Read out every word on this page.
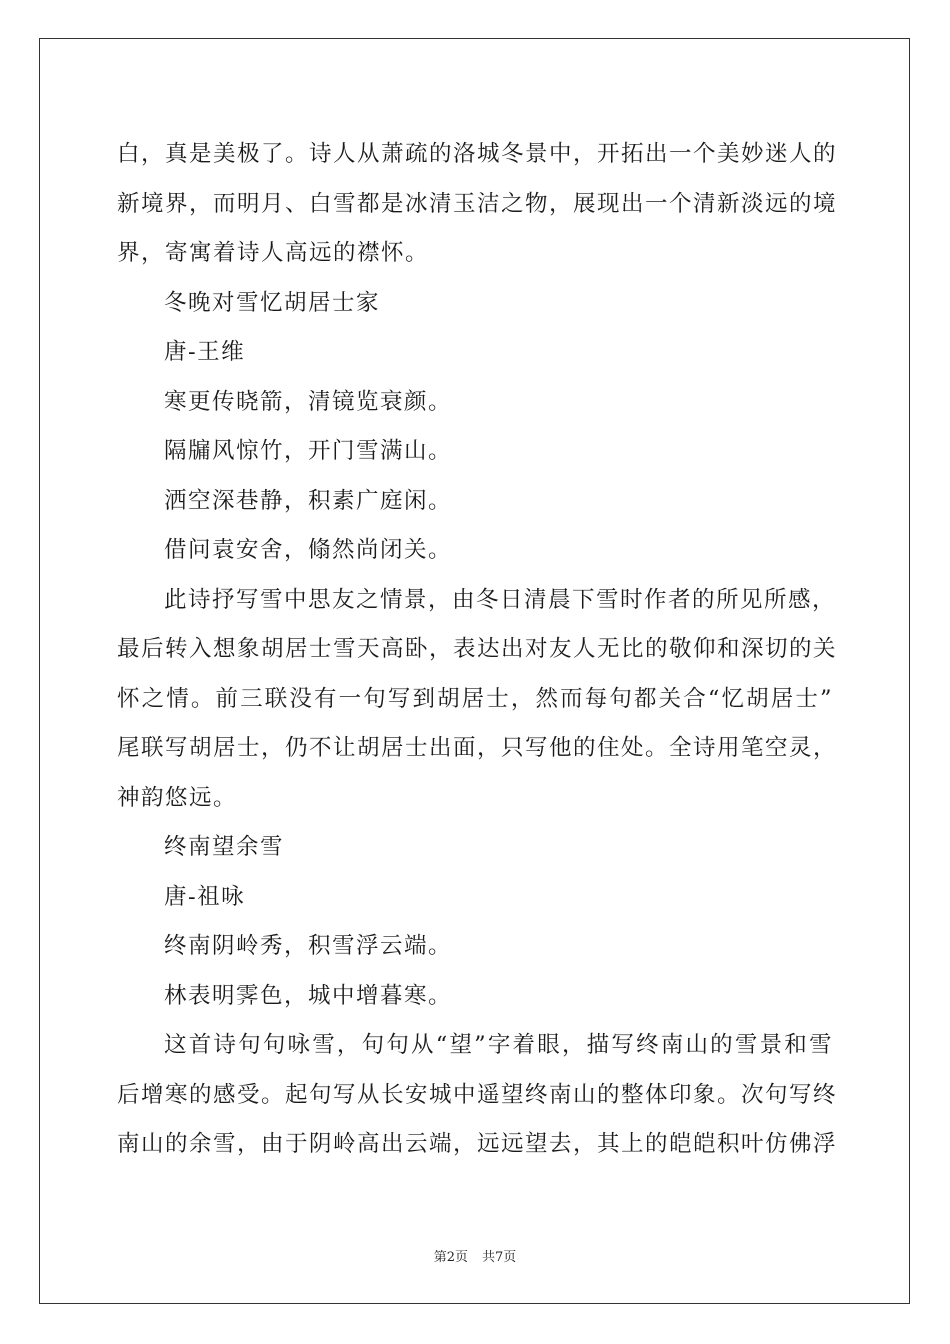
白，真是美极了。诗人从萧疏的洛城冬景中，开拓出一个美妙迷人的
新境界，而明月、白雪都是冰清玉洁之物，展现出一个清新淡远的境
界，寄寓着诗人高远的襟怀。
冬晚对雪忆胡居士家
唐-王维
寒更传晓箭，清镜览衰颜。
隔牖风惊竹，开门雪满山。
洒空深巷静，积素广庭闲。
借问袁安舍，翛然尚闭关。
此诗抒写雪中思友之情景，由冬日清晨下雪时作者的所见所感，
最后转入想象胡居士雪天高卧，表达出对友人无比的敬仰和深切的关
怀之情。前三联没有一句写到胡居士，然而每句都关合“忆胡居士”
尾联写胡居士，仍不让胡居士出面，只写他的住处。全诗用笔空灵，
神韵悠远。
终南望余雪
唐-祖咏
终南阴岭秀，积雪浮云端。
林表明霁色，城中增暮寒。
这首诗句句咏雪，句句从“望”字着眼，描写终南山的雪景和雪
后增寒的感受。起句写从长安城中遥望终南山的整体印象。次句写终
南山的余雪，由于阴岭高出云端，远远望去，其上的皑皑积叶仿佛浮
第2页 共7页
